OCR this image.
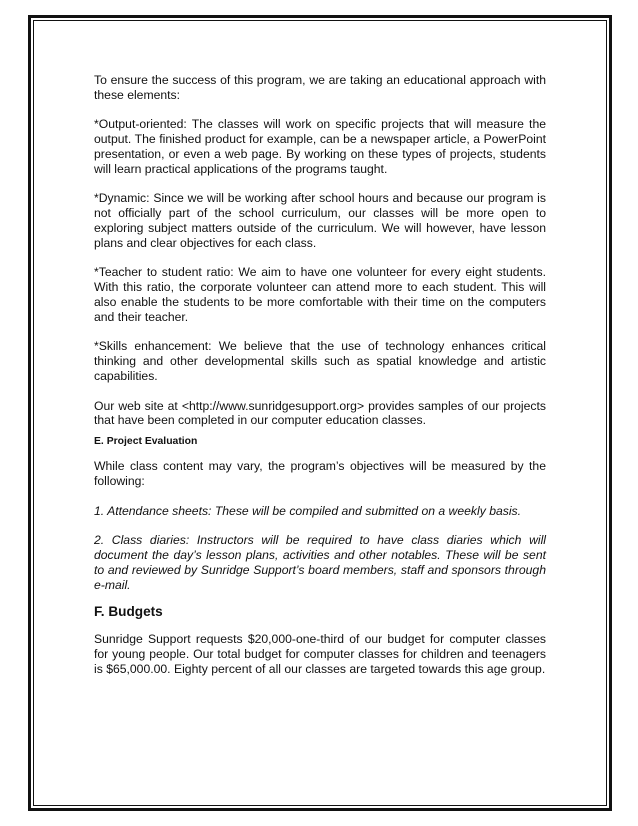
To ensure the success of this program, we are taking an educational approach with these elements:

*Output-oriented: The classes will work on specific projects that will measure the output. The finished product for example, can be a newspaper article, a PowerPoint presentation, or even a web page. By working on these types of projects, students will learn practical applications of the programs taught.

*Dynamic: Since we will be working after school hours and because our program is not officially part of the school curriculum, our classes will be more open to exploring subject matters outside of the curriculum. We will however, have lesson plans and clear objectives for each class.

*Teacher to student ratio: We aim to have one volunteer for every eight students. With this ratio, the corporate volunteer can attend more to each student. This will also enable the students to be more comfortable with their time on the computers and their teacher.

*Skills enhancement: We believe that the use of technology enhances critical thinking and other developmental skills such as spatial knowledge and artistic capabilities.

Our web site at <http://www.sunridgesupport.org> provides samples of our projects that have been completed in our computer education classes.

E. Project Evaluation

While class content may vary, the program’s objectives will be measured by the following:

1. Attendance sheets: These will be compiled and submitted on a weekly basis.

2. Class diaries: Instructors will be required to have class diaries which will document the day’s lesson plans, activities and other notables. These will be sent to and reviewed by Sunridge Support’s board members, staff and sponsors through e-mail.

F. Budgets

Sunridge Support requests $20,000-one-third of our budget for computer classes for young people. Our total budget for computer classes for children and teenagers is $65,000.00. Eighty percent of all our classes are targeted towards this age group.
